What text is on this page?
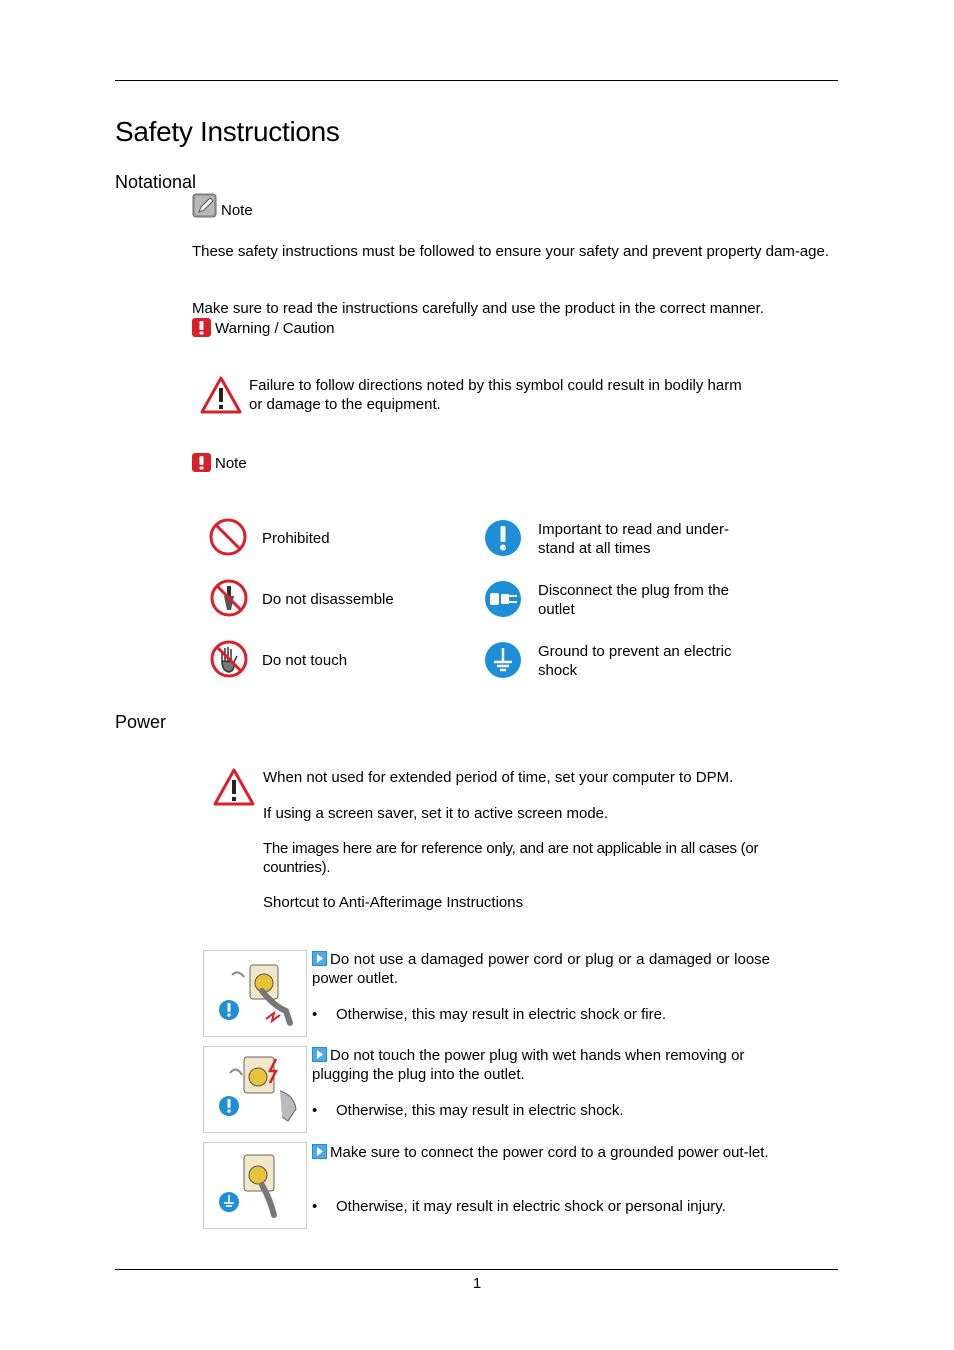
Safety Instructions
Notational
Note
These safety instructions must be followed to ensure your safety and prevent property dam-age.
Make sure to read the instructions carefully and use the product in the correct manner.
Warning / Caution
Failure to follow directions noted by this symbol could result in bodily harm or damage to the equipment.
Note
Prohibited
Do not disassemble
Do not touch
Important to read and under-stand at all times
Disconnect the plug from the outlet
Ground to prevent an electric shock
Power
When not used for extended period of time, set your computer to DPM.
If using a screen saver, set it to active screen mode.
The images here are for reference only, and are not applicable in all cases (or countries).
Shortcut to Anti-Afterimage Instructions
Do not use a damaged power cord or plug or a damaged or loose power outlet.
• Otherwise, this may result in electric shock or fire.
Do not touch the power plug with wet hands when removing or plugging the plug into the outlet.
• Otherwise, this may result in electric shock.
Make sure to connect the power cord to a grounded power out-let.
• Otherwise, it may result in electric shock or personal injury.
1
